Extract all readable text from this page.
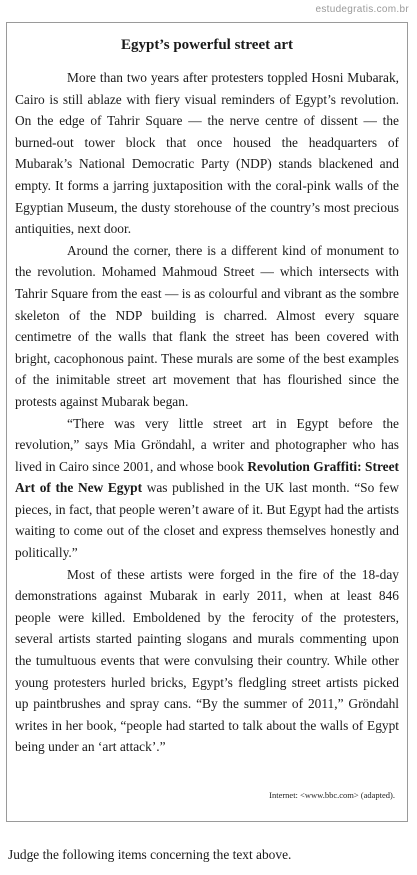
estudegratis.com.br
Egypt’s powerful street art

More than two years after protesters toppled Hosni Mubarak, Cairo is still ablaze with fiery visual reminders of Egypt’s revolution. On the edge of Tahrir Square — the nerve centre of dissent — the burned-out tower block that once housed the headquarters of Mubarak’s National Democratic Party (NDP) stands blackened and empty. It forms a jarring juxtaposition with the coral-pink walls of the Egyptian Museum, the dusty storehouse of the country’s most precious antiquities, next door.

Around the corner, there is a different kind of monument to the revolution. Mohamed Mahmoud Street — which intersects with Tahrir Square from the east — is as colourful and vibrant as the sombre skeleton of the NDP building is charred. Almost every square centimetre of the walls that flank the street has been covered with bright, cacophonous paint. These murals are some of the best examples of the inimitable street art movement that has flourished since the protests against Mubarak began.

“There was very little street art in Egypt before the revolution,” says Mia Gröndahl, a writer and photographer who has lived in Cairo since 2001, and whose book Revolution Graffiti: Street Art of the New Egypt was published in the UK last month. “So few pieces, in fact, that people weren’t aware of it. But Egypt had the artists waiting to come out of the closet and express themselves honestly and politically.”

Most of these artists were forged in the fire of the 18-day demonstrations against Mubarak in early 2011, when at least 846 people were killed. Emboldened by the ferocity of the protesters, several artists started painting slogans and murals commenting upon the tumultuous events that were convulsing their country. While other young protesters hurled bricks, Egypt’s fledgling street artists picked up paintbrushes and spray cans. “By the summer of 2011,” Gröndahl writes in her book, “people had started to talk about the walls of Egypt being under an ‘art attack’.”

Internet: <www.bbc.com> (adapted).
Judge the following items concerning the text above.
